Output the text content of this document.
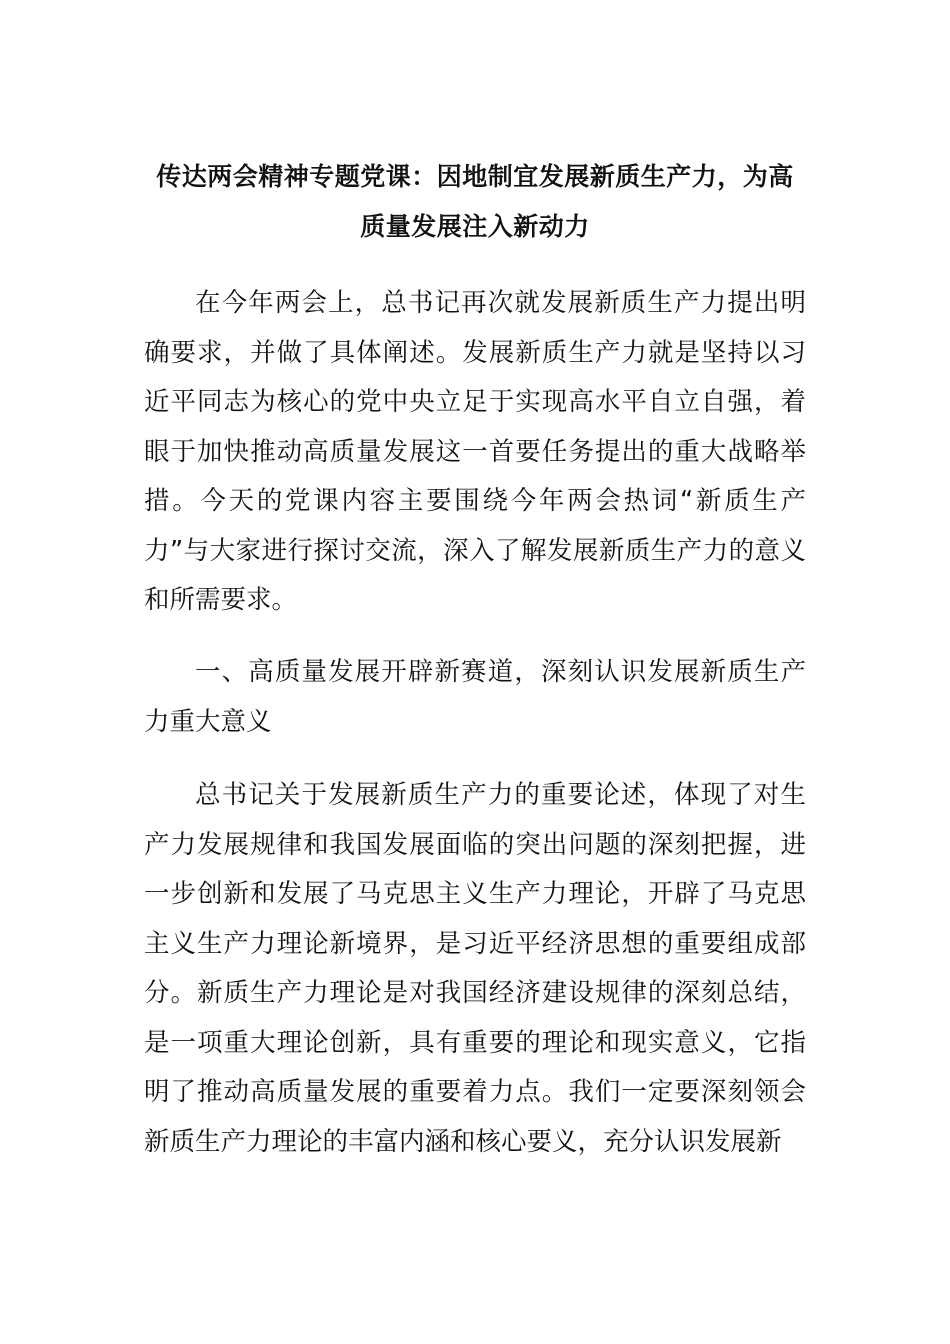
传达两会精神专题党课：因地制宜发展新质生产力，为高
质量发展注入新动力

在今年两会上，总书记再次就发展新质生产力提出明确要求，并做了具体阐述。发展新质生产力就是坚持以习近平同志为核心的党中央立足于实现高水平自立自强，着眼于加快推动高质量发展这一首要任务提出的重大战略举措。今天的党课内容主要围绕今年两会热词“新质生产力”与大家进行探讨交流，深入了解发展新质生产力的意义和所需要求。

一、高质量发展开辟新赛道，深刻认识发展新质生产力重大意义

总书记关于发展新质生产力的重要论述，体现了对生产力发展规律和我国发展面临的突出问题的深刻把握，进一步创新和发展了马克思主义生产力理论，开辟了马克思主义生产力理论新境界，是习近平经济思想的重要组成部分。新质生产力理论是对我国经济建设规律的深刻总结，是一项重大理论创新，具有重要的理论和现实意义，它指明了推动高质量发展的重要着力点。我们一定要深刻领会新质生产力理论的丰富内涵和核心要义，充分认识发展新
